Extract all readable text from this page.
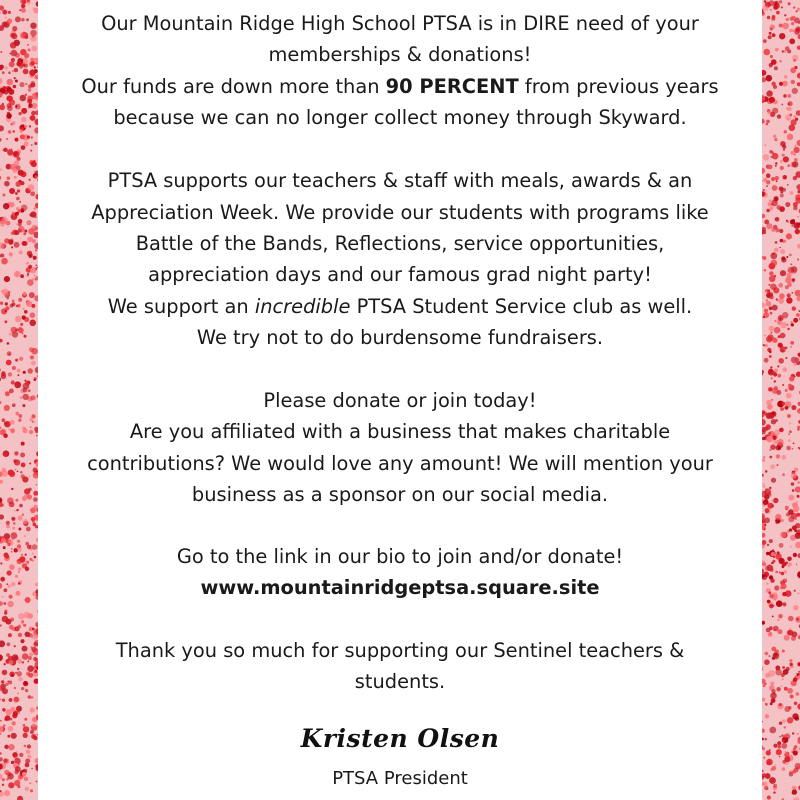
Our Mountain Ridge High School PTSA is in DIRE need of your
memberships & donations!
Our funds are down more than 90 PERCENT from previous years
because we can no longer collect money through Skyward.
PTSA supports our teachers & staff with meals, awards & an
Appreciation Week. We provide our students with programs like
Battle of the Bands, Reflections, service opportunities,
appreciation days and our famous grad night party!
We support an incredible PTSA Student Service club as well.
We try not to do burdensome fundraisers.
Please donate or join today!
Are you affiliated with a business that makes charitable
contributions? We would love any amount! We will mention your
business as a sponsor on our social media.
Go to the link in our bio to join and/or donate!
www.mountainridgeptsa.square.site
Thank you so much for supporting our Sentinel teachers &
students.
Kristen Olsen
PTSA President
